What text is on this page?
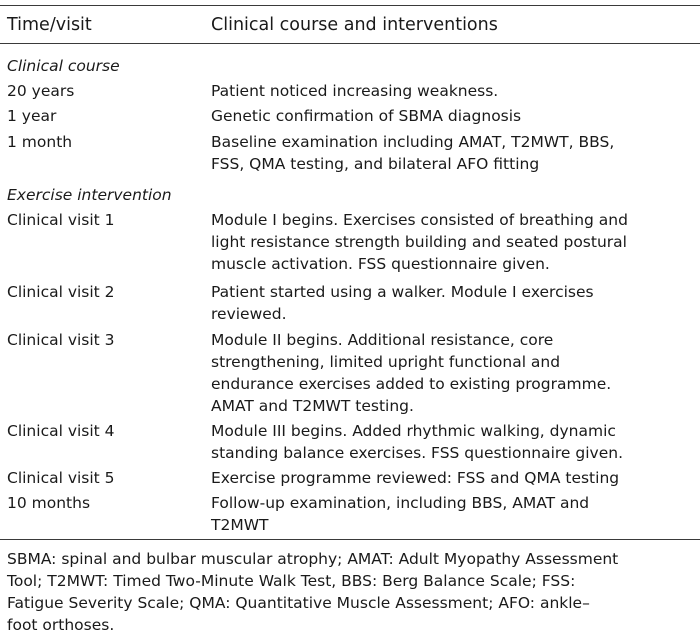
Time/visit	Clinical course and interventions
Clinical course
20 years	Patient noticed increasing weakness.
1 year	Genetic confirmation of SBMA diagnosis
1 month	Baseline examination including AMAT, T2MWT, BBS,
FSS, QMA testing, and bilateral AFO fitting
Exercise intervention
Clinical visit 1	Module I begins. Exercises consisted of breathing and
light resistance strength building and seated postural
muscle activation. FSS questionnaire given.
Clinical visit 2	Patient started using a walker. Module I exercises
reviewed.
Clinical visit 3	Module II begins. Additional resistance, core
strengthening, limited upright functional and
endurance exercises added to existing programme.
AMAT and T2MWT testing.
Clinical visit 4	Module III begins. Added rhythmic walking, dynamic
standing balance exercises. FSS questionnaire given.
Clinical visit 5	Exercise programme reviewed: FSS and QMA testing
10 months	Follow-up examination, including BBS, AMAT and
T2MWT
SBMA: spinal and bulbar muscular atrophy; AMAT: Adult Myopathy Assessment
Tool; T2MWT: Timed Two-Minute Walk Test, BBS: Berg Balance Scale; FSS:
Fatigue Severity Scale; QMA: Quantitative Muscle Assessment; AFO: ankle–
foot orthoses.
